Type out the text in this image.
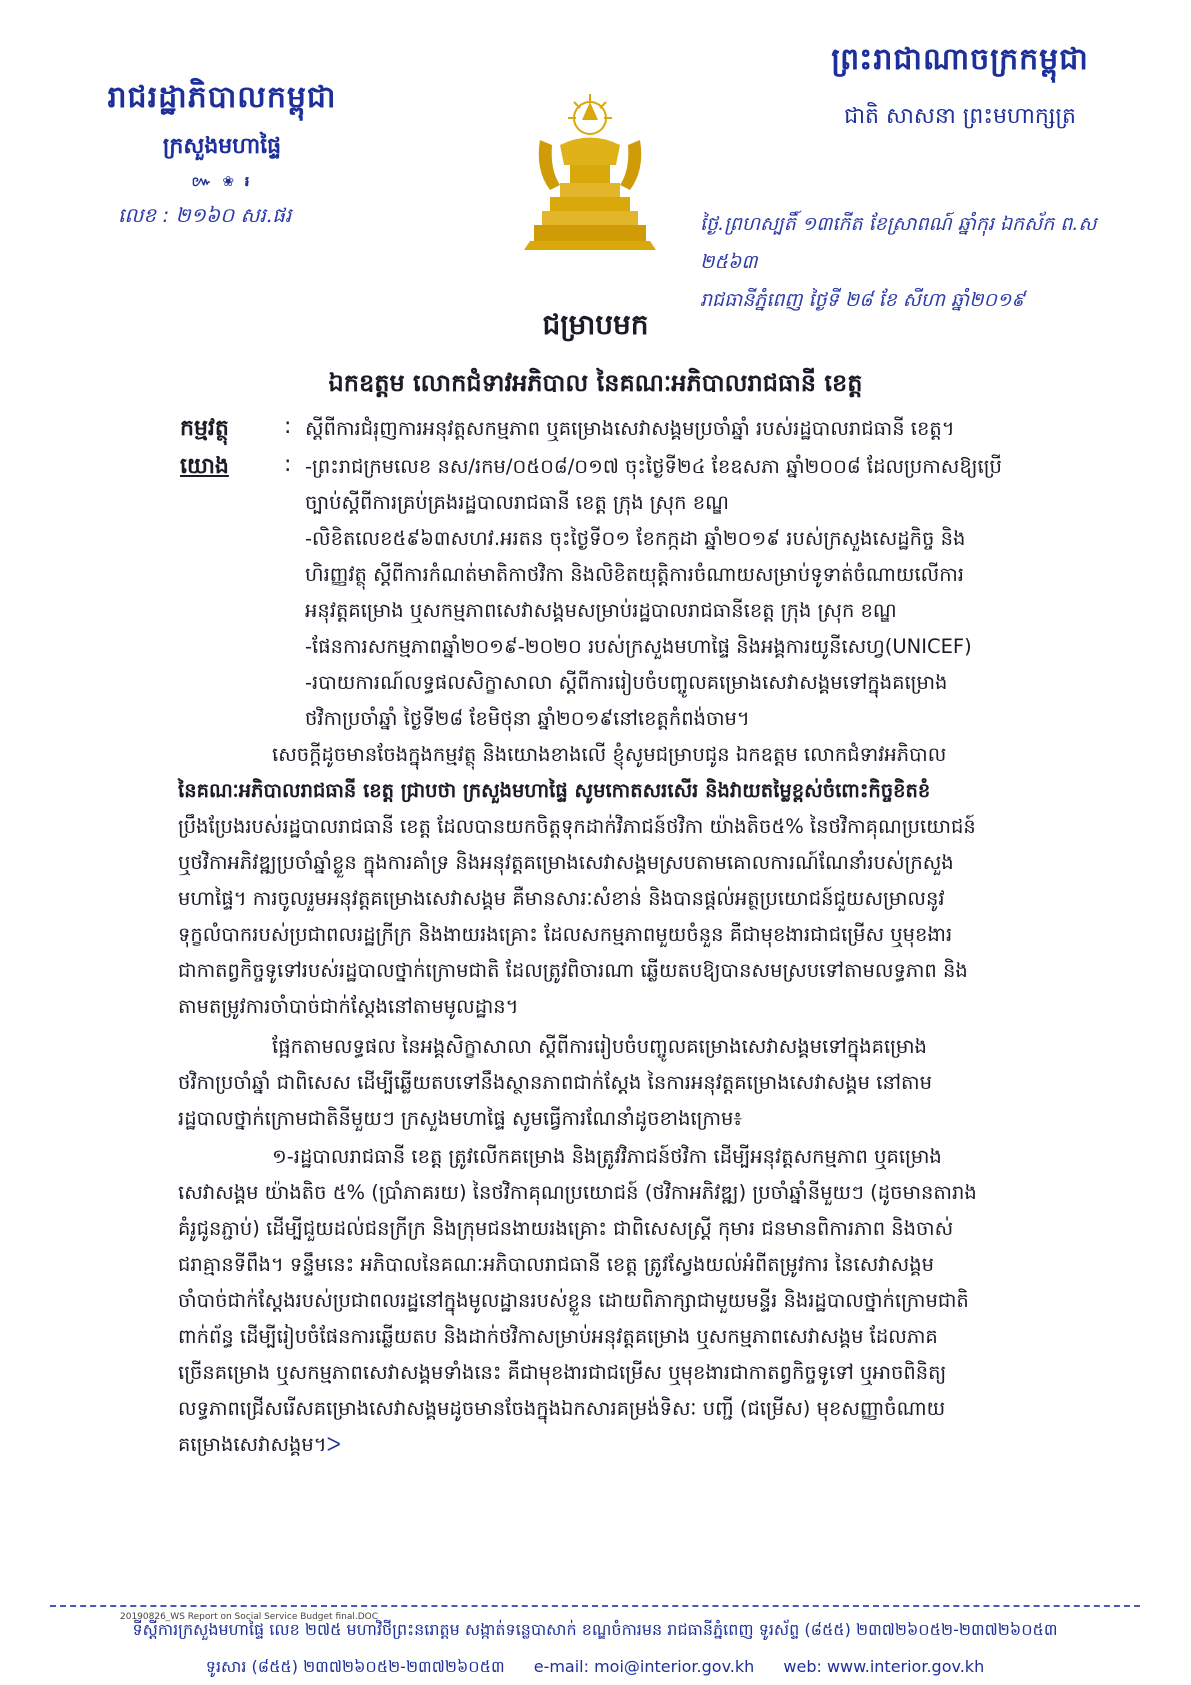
រាជរដ្ឋាភិបាលកម្ពុជា
ក្រសួងមហាផ្ទៃ
៚ ❀ ៛
លេខ : ២១៦០ សរ.ផរ
ព្រះរាជាណាចក្រកម្ពុជា
ជាតិ សាសនា ព្រះមហាក្សត្រ
ថ្ងៃ.ព្រហស្បតិ៍ ១៣កើត ខែស្រាពណ៍ ឆ្នាំកុរ ឯកស័ក ព.ស ២៥៦៣
រាជធានីភ្នំពេញ ថ្ងៃទី ២៨ ខែ សីហា ឆ្នាំ២០១៩
ជម្រាបមក
ឯកឧត្តម លោកជំទាវអភិបាល នៃគណៈអភិបាលរាជធានី ខេត្ត
កម្មវត្ថុ	: ស្តីពីការជំរុញការអនុវត្តសកម្មភាព ឬគម្រោងសេវាសង្គមប្រចាំឆ្នាំ របស់រដ្ឋបាលរាជធានី ខេត្ត។
យោង	: -ព្រះរាជក្រមលេខ នស/រកម/០៥០៨/០១៧ ចុះថ្ងៃទី២៤ ខែឧសភា ឆ្នាំ២០០៨ ដែលប្រកាសឱ្យប្រើ
ច្បាប់ស្តីពីការគ្រប់គ្រងរដ្ឋបាលរាជធានី ខេត្ត ក្រុង ស្រុក ខណ្ឌ
-លិខិតលេខ៥៩៦៣សហវ.អរតន ចុះថ្ងៃទី០១ ខែកក្កដា ឆ្នាំ២០១៩ របស់ក្រសួងសេដ្ឋកិច្ច និង
ហិរញ្ញវត្ថុ ស្តីពីការកំណត់មាតិកាថវិកា និងលិខិតយុត្តិការចំណាយសម្រាប់ទូទាត់ចំណាយលើការ
អនុវត្តគម្រោង ឬសកម្មភាពសេវាសង្គមសម្រាប់រដ្ឋបាលរាជធានីខេត្ត ក្រុង ស្រុក ខណ្ឌ
-ផែនការសកម្មភាពឆ្នាំ២០១៩-២០២០ របស់ក្រសួងមហាផ្ទៃ និងអង្គការយូនីសេហ្វ(UNICEF)
-របាយការណ៍លទ្ធផលសិក្ខាសាលា ស្តីពីការរៀបចំបញ្ចូលគម្រោងសេវាសង្គមទៅក្នុងគម្រោង
ថវិកាប្រចាំឆ្នាំ ថ្ងៃទី២៨ ខែមិថុនា ឆ្នាំ២០១៩នៅខេត្តកំពង់ចាម។
សេចក្តីដូចមានចែងក្នុងកម្មវត្ថុ និងយោងខាងលើ ខ្ញុំសូមជម្រាបជូន ឯកឧត្តម លោកជំទាវអភិបាល
នៃគណៈអភិបាលរាជធានី ខេត្ត ជ្រាបថា ក្រសួងមហាផ្ទៃ សូមកោតសរសើរ និងវាយតម្លៃខ្ពស់ចំពោះកិច្ចខិតខំ
ប្រឹងប្រែងរបស់រដ្ឋបាលរាជធានី ខេត្ត ដែលបានយកចិត្តទុកដាក់វិភាជន៍ថវិកា យ៉ាងតិច៥% នៃថវិកាគុណប្រយោជន៍
ឬថវិកាអភិវឌ្ឍប្រចាំឆ្នាំខ្លួន ក្នុងការគាំទ្រ និងអនុវត្តគម្រោងសេវាសង្គមស្របតាមគោលការណ៍ណែនាំរបស់ក្រសួង
មហាផ្ទៃ។ ការចូលរួមអនុវត្តគម្រោងសេវាសង្គម គឺមានសារៈសំខាន់ និងបានផ្តល់អត្ថប្រយោជន៍ជួយសម្រាលនូវ
ទុក្ខលំបាករបស់ប្រជាពលរដ្ឋក្រីក្រ និងងាយរងគ្រោះ ដែលសកម្មភាពមួយចំនួន គឺជាមុខងារជាជម្រើស ឬមុខងារ
ជាកាតព្វកិច្ចទូទៅរបស់រដ្ឋបាលថ្នាក់ក្រោមជាតិ ដែលត្រូវពិចារណា ឆ្លើយតបឱ្យបានសមស្របទៅតាមលទ្ធភាព និង
តាមតម្រូវការចាំបាច់ជាក់ស្តែងនៅតាមមូលដ្ឋាន។
ផ្អែកតាមលទ្ធផល នៃអង្គសិក្ខាសាលា ស្តីពីការរៀបចំបញ្ចូលគម្រោងសេវាសង្គមទៅក្នុងគម្រោង
ថវិកាប្រចាំឆ្នាំ ជាពិសេស ដើម្បីឆ្លើយតបទៅនឹងស្ថានភាពជាក់ស្តែង នៃការអនុវត្តគម្រោងសេវាសង្គម នៅតាម
រដ្ឋបាលថ្នាក់ក្រោមជាតិនីមួយៗ ក្រសួងមហាផ្ទៃ សូមធ្វើការណែនាំដូចខាងក្រោម៖
១-រដ្ឋបាលរាជធានី ខេត្ត ត្រូវលើកគម្រោង និងត្រូវវិភាជន៍ថវិកា ដើម្បីអនុវត្តសកម្មភាព ឬគម្រោង
សេវាសង្គម យ៉ាងតិច ៥% (ប្រាំភាគរយ) នៃថវិកាគុណប្រយោជន៍ (ថវិកាអភិវឌ្ឍ) ប្រចាំឆ្នាំនីមួយៗ (ដូចមានតារាង
គំរូជូនភ្ជាប់) ដើម្បីជួយដល់ជនក្រីក្រ និងក្រុមជនងាយរងគ្រោះ ជាពិសេសស្ត្រី កុមារ ជនមានពិការភាព និងចាស់
ជរាគ្មានទីពឹង។ ទន្ទឹមនេះ អភិបាលនៃគណៈអភិបាលរាជធានី ខេត្ត ត្រូវស្វែងយល់អំពីតម្រូវការ នៃសេវាសង្គម
ចាំបាច់ជាក់ស្តែងរបស់ប្រជាពលរដ្ឋនៅក្នុងមូលដ្ឋានរបស់ខ្លួន ដោយពិភាក្សាជាមួយមន្ទីរ និងរដ្ឋបាលថ្នាក់ក្រោមជាតិ
ពាក់ព័ន្ធ ដើម្បីរៀបចំផែនការឆ្លើយតប និងដាក់ថវិកាសម្រាប់អនុវត្តគម្រោង ឬសកម្មភាពសេវាសង្គម ដែលភាគ
ច្រើនគម្រោង ឬសកម្មភាពសេវាសង្គមទាំងនេះ គឺជាមុខងារជាជម្រើស ឬមុខងារជាកាតព្វកិច្ចទូទៅ ឬអាចពិនិត្យ
លទ្ធភាពជ្រើសរើសគម្រោងសេវាសង្គមដូចមានចែងក្នុងឯកសារគម្រង់ទិសៈ បញ្ជី (ជម្រើស) មុខសញ្ញាចំណាយ
គម្រោងសេវាសង្គម។ᐳ
20190826_WS Report on Social Service Budget final.DOC
ទីស្តីការក្រសួងមហាផ្ទៃ លេខ ២៧៥ មហាវិថីព្រះនរោត្តម សង្កាត់ទន្លេបាសាក់ ខណ្ឌចំការមន រាជធានីភ្នំពេញ ទូរស័ព្ទ (៨៥៥) ២៣៧២៦០៥២-២៣៧២៦០៥៣
ទូរសារ (៨៥៥) ២៣៧២៦០៥២-២៣៧២៦០៥៣ e-mail: moi@interior.gov.kh web: www.interior.gov.kh
